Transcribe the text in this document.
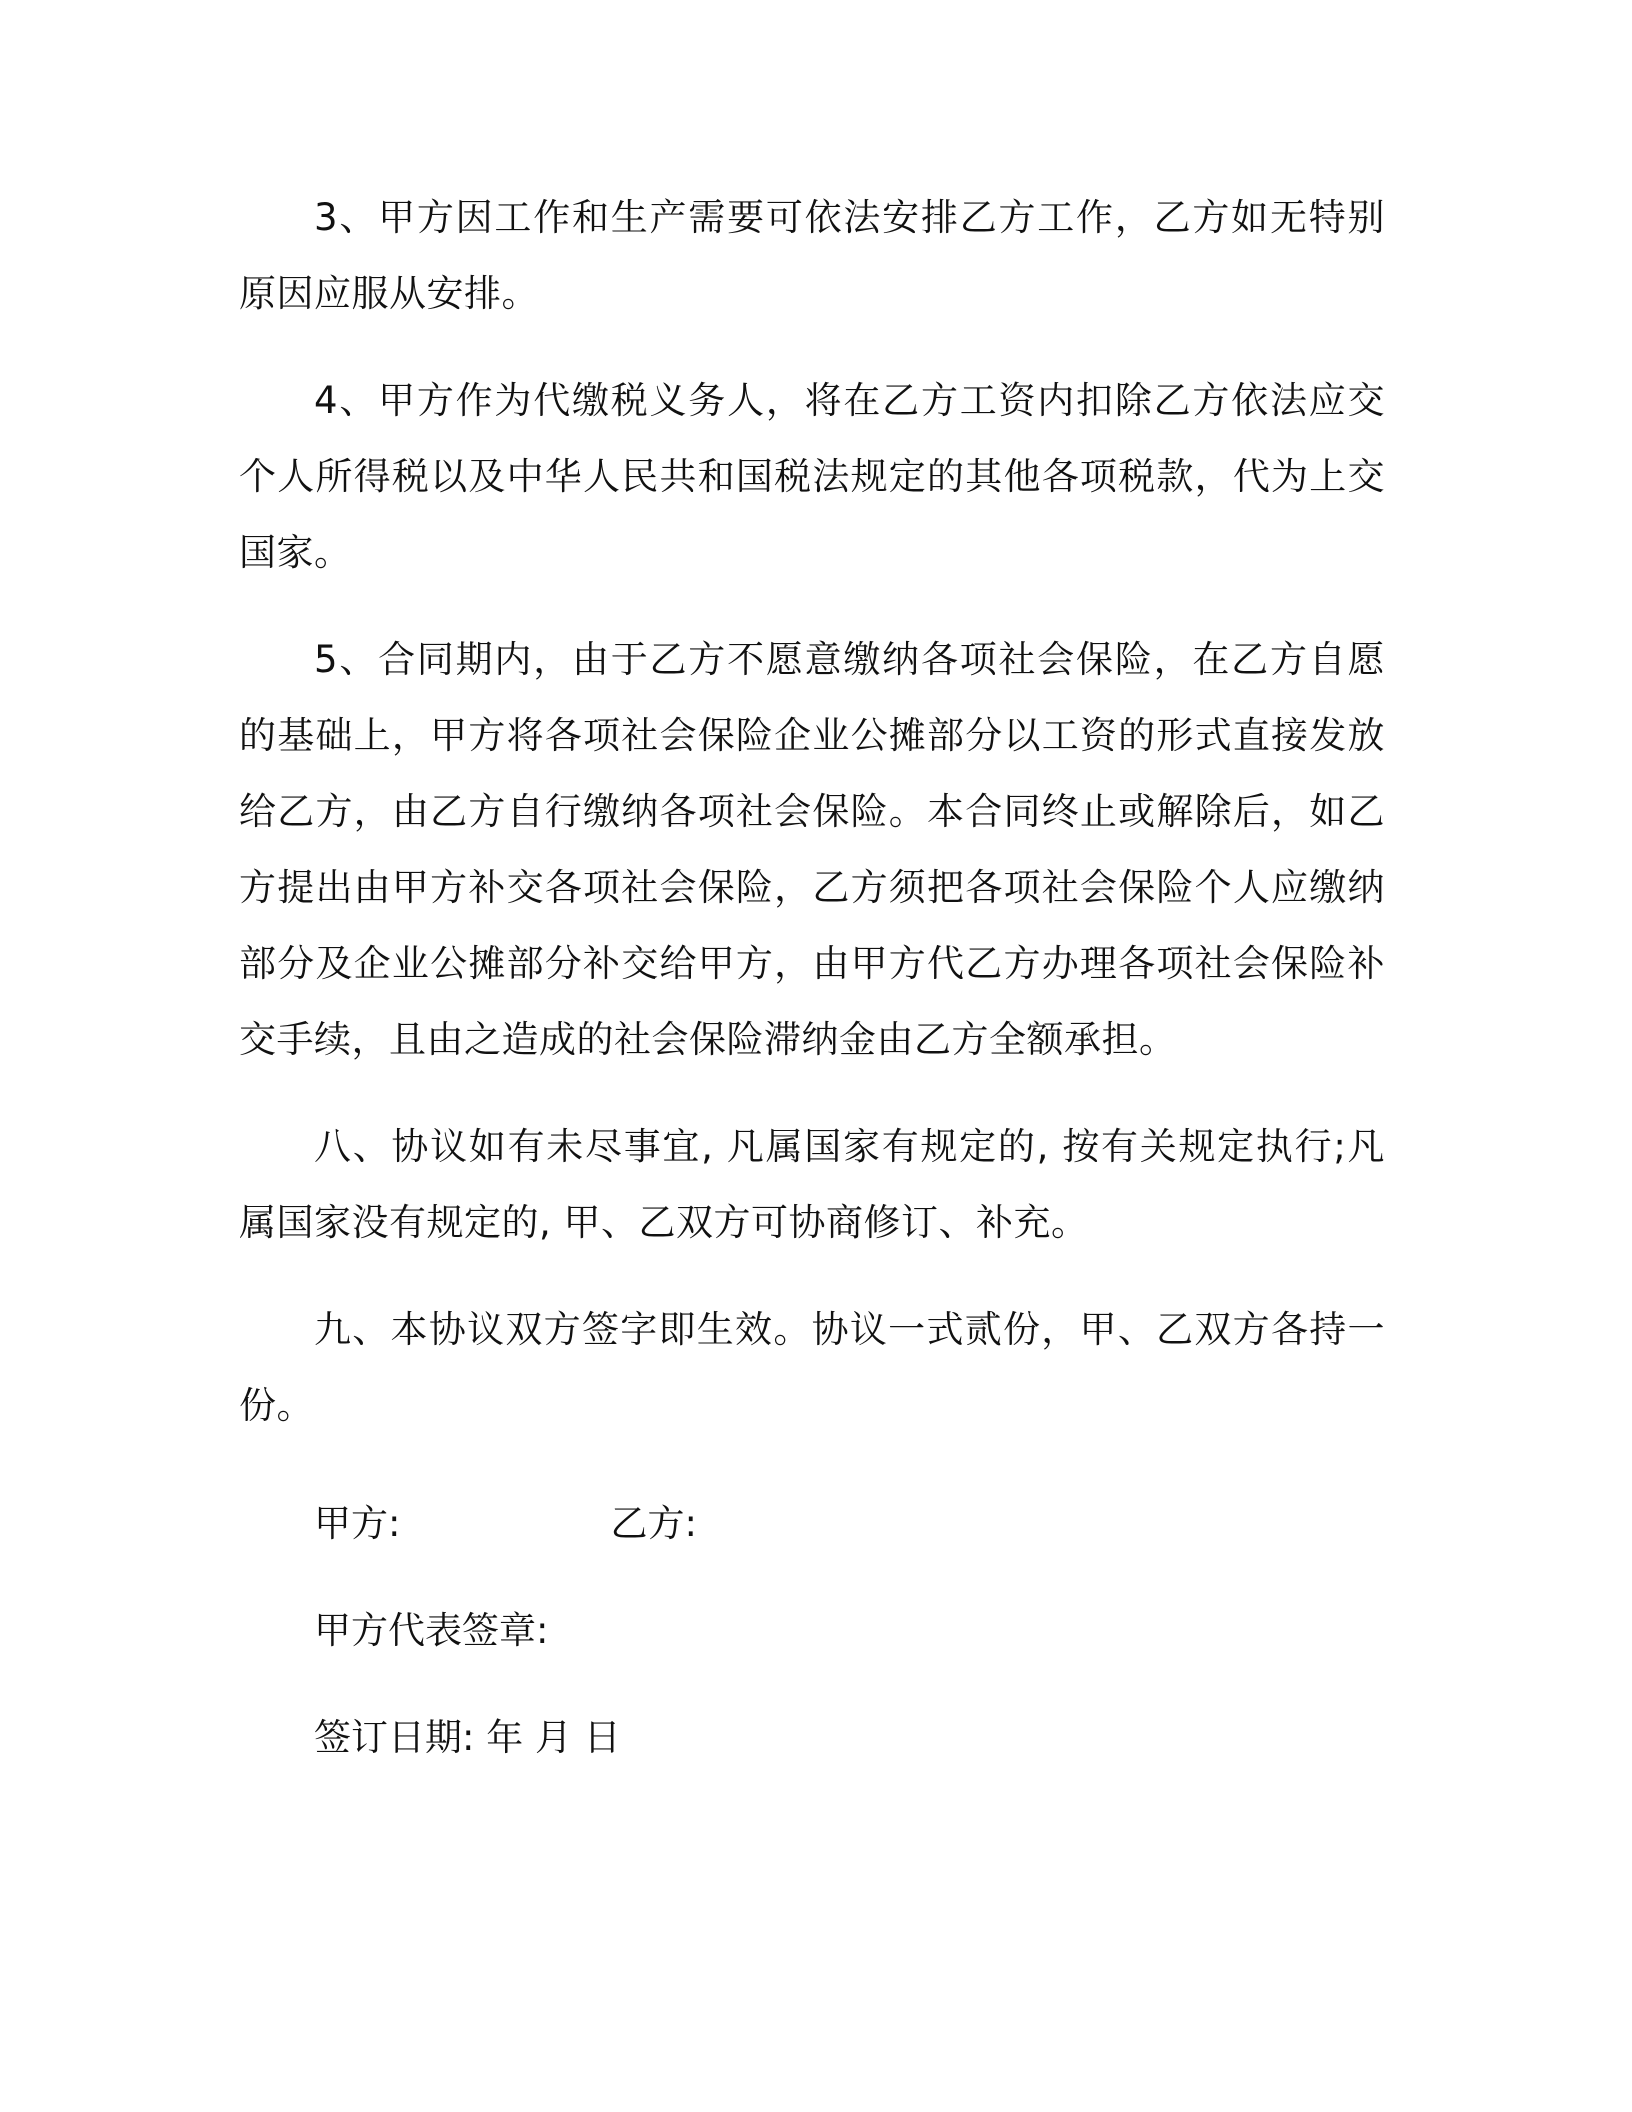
3、甲方因工作和生产需要可依法安排乙方工作，乙方如无特别原因应服从安排。

4、甲方作为代缴税义务人，将在乙方工资内扣除乙方依法应交个人所得税以及中华人民共和国税法规定的其他各项税款，代为上交国家。

5、合同期内，由于乙方不愿意缴纳各项社会保险，在乙方自愿的基础上，甲方将各项社会保险企业公摊部分以工资的形式直接发放给乙方，由乙方自行缴纳各项社会保险。本合同终止或解除后，如乙方提出由甲方补交各项社会保险，乙方须把各项社会保险个人应缴纳部分及企业公摊部分补交给甲方，由甲方代乙方办理各项社会保险补交手续，且由之造成的社会保险滞纳金由乙方全额承担。

八、协议如有未尽事宜, 凡属国家有规定的, 按有关规定执行;凡属国家没有规定的, 甲、乙双方可协商修订、补充。

九、本协议双方签字即生效。协议一式贰份，甲、乙双方各持一份。

甲方:	乙方:
甲方代表签章:
签订日期: 年 月 日
